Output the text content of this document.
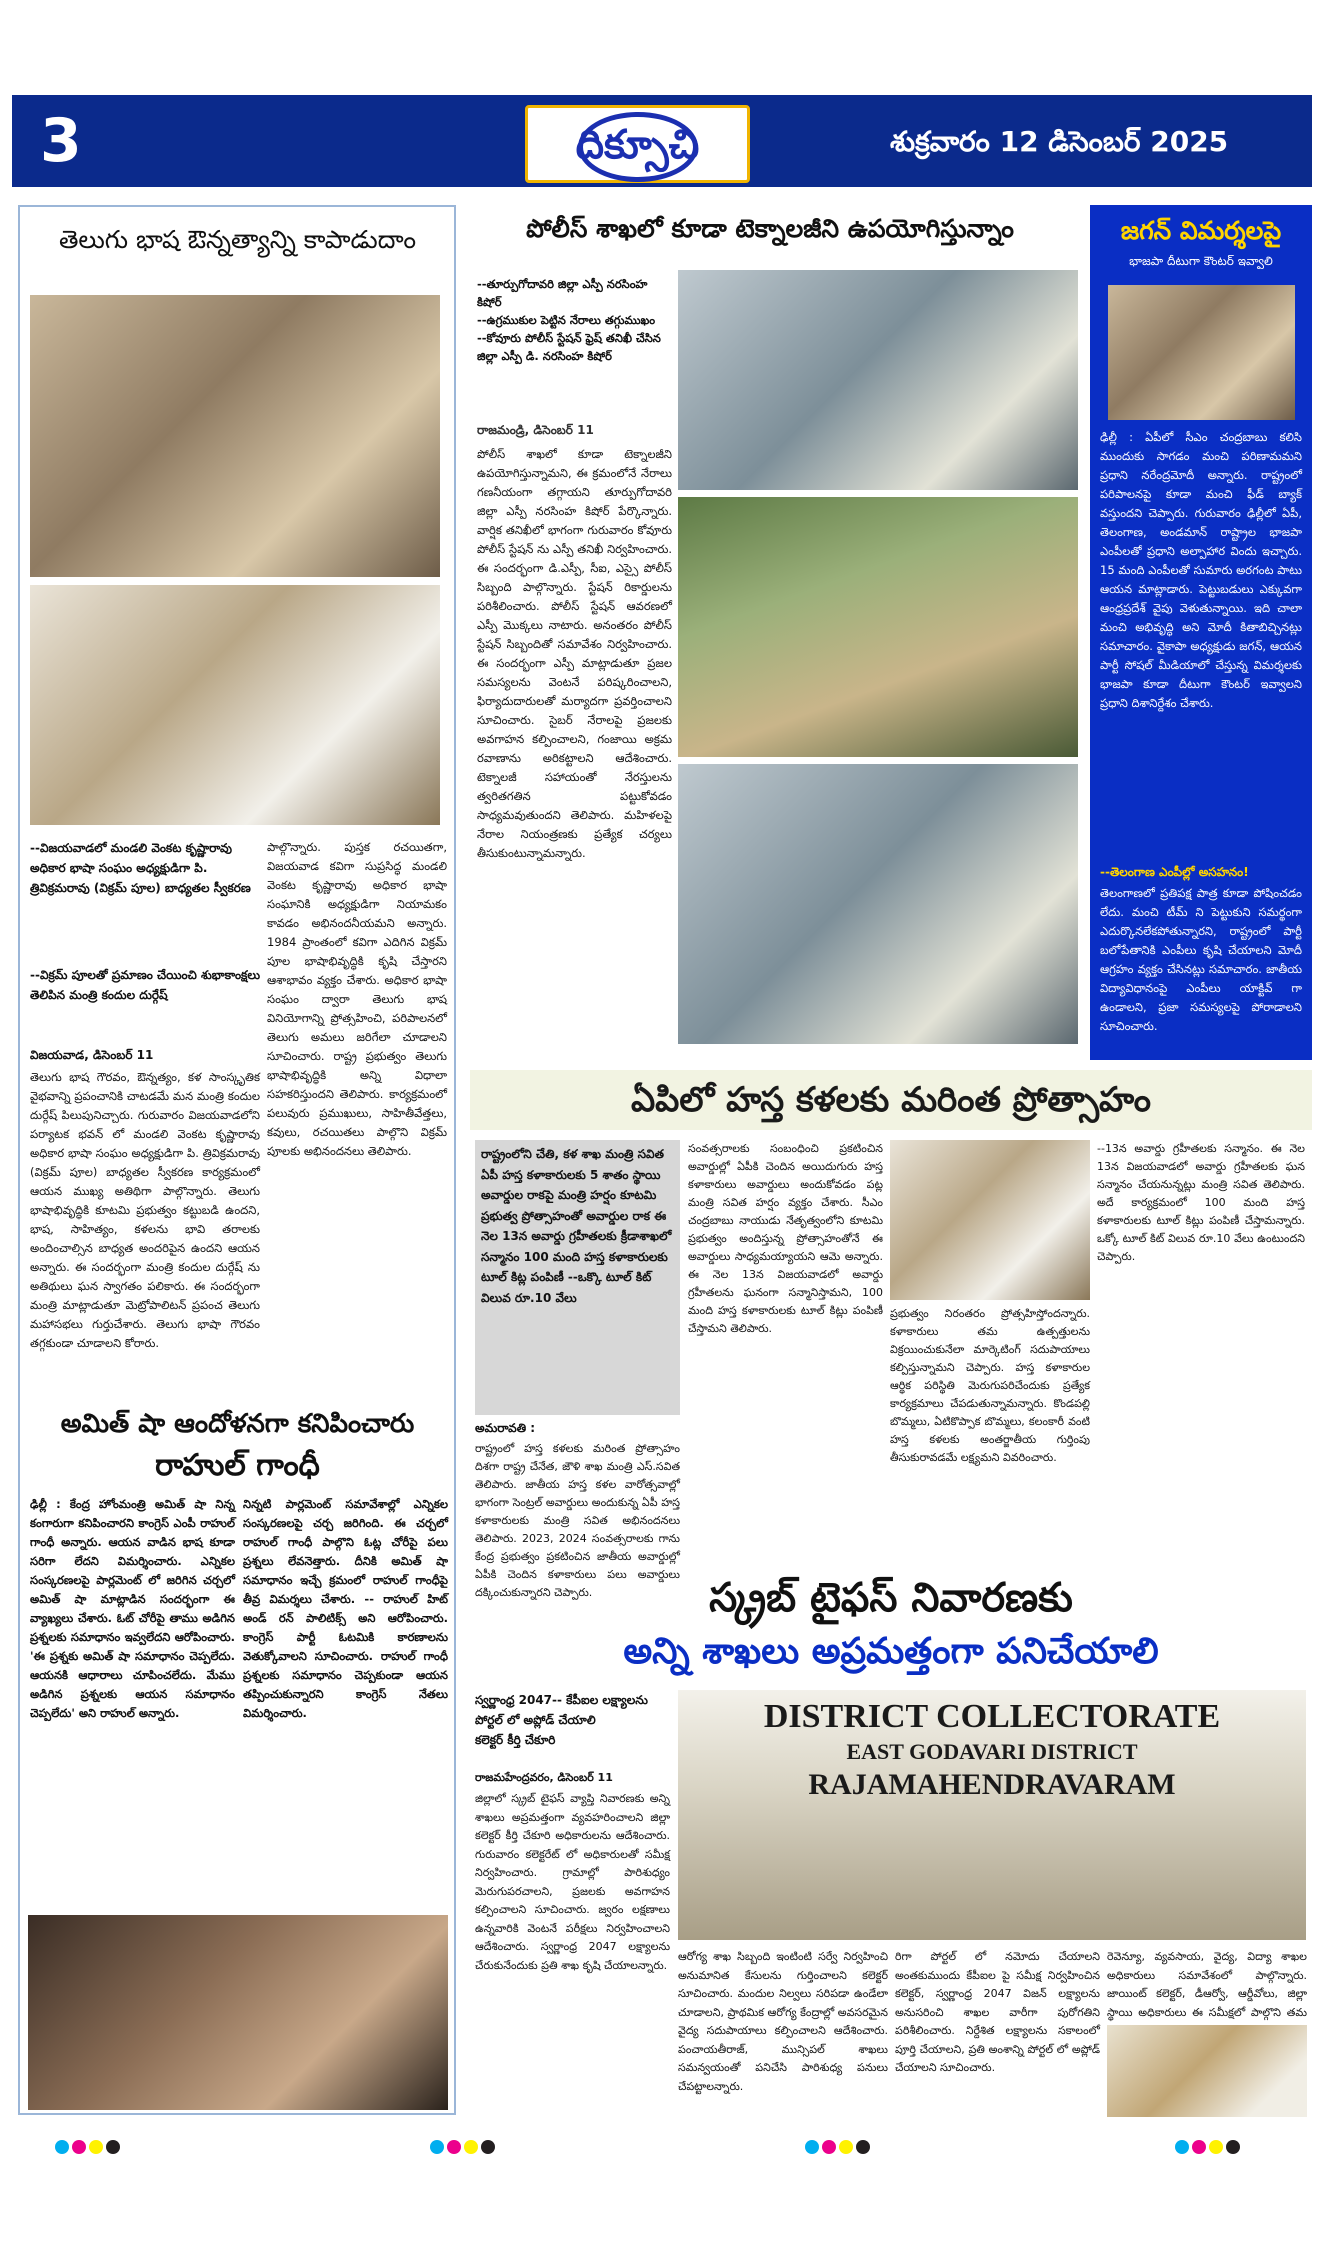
3	దిక్సూచి	శుక్రవారం 12 డిసెంబర్ 2025
తెలుగు భాష ఔన్నత్యాన్ని కాపాడుదాం
--విజయవాడలో మండలి వెంకట కృష్ణారావు అధికార భాషా సంఘం అధ్యక్షుడిగా పి. త్రివిక్రమరావు (విక్రమ్ పూల) బాధ్యతల స్వీకరణ
--విక్రమ్ పూలతో ప్రమాణం చేయించి శుభాకాంక్షలు తెలిపిన మంత్రి కందుల దుర్గేష్
విజయవాడ, డిసెంబర్ 11
తెలుగు భాష గౌరవం, ఔన్నత్యం, కళ సాంస్కృతిక వైభవాన్ని ప్రపంచానికి చాటడమే మన మంత్రి కందుల దుర్గేష్ పిలుపునిచ్చారు. గురువారం విజయవాడలోని పర్యాటక భవన్ లో మండలి వెంకట కృష్ణారావు అధికార భాషా సంఘం అధ్యక్షుడిగా పి. త్రివిక్రమరావు (విక్రమ్ పూల) బాధ్యతల స్వీకరణ కార్యక్రమంలో ఆయన ముఖ్య అతిథిగా పాల్గొన్నారు. తెలుగు భాషాభివృద్ధికి కూటమి ప్రభుత్వం కట్టుబడి ఉందని, భాష, సాహిత్యం, కళలను భావి తరాలకు అందించాల్సిన బాధ్యత అందరిపైన ఉందని ఆయన అన్నారు. ఈ సందర్భంగా మంత్రి కందుల దుర్గేష్ ను అతిథులు ఘన స్వాగతం పలికారు. ఈ సందర్భంగా మంత్రి మాట్లాడుతూ మెట్రోపాలిటన్ ప్రపంచ తెలుగు మహాసభలు గుర్తుచేశారు. తెలుగు భాషా గౌరవం తగ్గకుండా చూడాలని కోరారు.
పాల్గొన్నారు. పుస్తక రచయితగా, విజయవాడ కవిగా సుప్రసిద్ధ మండలి వెంకట కృష్ణారావు అధికార భాషా సంఘానికి అధ్యక్షుడిగా నియామకం కావడం అభినందనీయమని అన్నారు. 1984 ప్రాంతంలో కవిగా ఎదిగిన విక్రమ్ పూల భాషాభివృద్ధికి కృషి చేస్తారని ఆశాభావం వ్యక్తం చేశారు. అధికార భాషా సంఘం ద్వారా తెలుగు భాష వినియోగాన్ని ప్రోత్సహించి, పరిపాలనలో తెలుగు అమలు జరిగేలా చూడాలని సూచించారు. రాష్ట్ర ప్రభుత్వం తెలుగు భాషాభివృద్ధికి అన్ని విధాలా సహకరిస్తుందని తెలిపారు. కార్యక్రమంలో పలువురు ప్రముఖులు, సాహితీవేత్తలు, కవులు, రచయితలు పాల్గొని విక్రమ్ పూలకు అభినందనలు తెలిపారు.
అమిత్ షా ఆందోళనగా కనిపించారు
రాహుల్ గాంధీ
ఢిల్లీ : కేంద్ర హోంమంత్రి అమిత్ షా నిన్న కంగారుగా కనిపించారని కాంగ్రెస్ ఎంపీ రాహుల్ గాంధీ అన్నారు. ఆయన వాడిన భాష కూడా సరిగా లేదని విమర్శించారు. ఎన్నికల సంస్కరణలపై పార్లమెంట్ లో జరిగిన చర్చలో అమిత్ షా మాట్లాడిన సందర్భంగా ఈ వ్యాఖ్యలు చేశారు. ఓట్ చోరీపై తాము అడిగిన ప్రశ్నలకు సమాధానం ఇవ్వలేదని ఆరోపించారు. 'ఈ ప్రశ్నకు అమిత్ షా సమాధానం చెప్పలేదు. ఆయనకి ఆధారాలు చూపించలేదు. మేము అడిగిన ప్రశ్నలకు ఆయన సమాధానం చెప్పలేదు' అని రాహుల్ అన్నారు.
నిన్నటి పార్లమెంట్ సమావేశాల్లో ఎన్నికల సంస్కరణలపై చర్చ జరిగింది. ఈ చర్చలో రాహుల్ గాంధీ పాల్గొని ఓట్ల చోరీపై పలు ప్రశ్నలు లేవనెత్తారు. దీనికి అమిత్ షా సమాధానం ఇచ్చే క్రమంలో రాహుల్ గాంధీపై తీవ్ర విమర్శలు చేశారు. -- రాహుల్ హిట్ అండ్ రన్ పాలిటిక్స్ అని ఆరోపించారు. కాంగ్రెస్ పార్టీ ఓటమికి కారణాలను వెతుక్కోవాలని సూచించారు. రాహుల్ గాంధీ ప్రశ్నలకు సమాధానం చెప్పకుండా ఆయన తప్పించుకున్నారని కాంగ్రెస్ నేతలు విమర్శించారు.
పోలీస్ శాఖలో కూడా టెక్నాలజీని ఉపయోగిస్తున్నాం
--తూర్పుగోదావరి జిల్లా ఎస్పీ నరసింహ కిషోర్
--ఉగ్రముకుల పెట్టిన నేరాలు తగ్గుముఖం
--కోవూరు పోలీస్ స్టేషన్ ఫ్రెష్ తనిఖీ చేసిన జిల్లా ఎస్పీ డి. నరసింహ కిషోర్
రాజమండ్రి, డిసెంబర్ 11
పోలీస్ శాఖలో కూడా టెక్నాలజీని ఉపయోగిస్తున్నామని, ఈ క్రమంలోనే నేరాలు గణనీయంగా తగ్గాయని తూర్పుగోదావరి జిల్లా ఎస్పీ నరసింహ కిషోర్ పేర్కొన్నారు. వార్షిక తనిఖీలో భాగంగా గురువారం కోవూరు పోలీస్ స్టేషన్ ను ఎస్పీ తనిఖీ నిర్వహించారు. ఈ సందర్భంగా డి.ఎస్పీ, సీఐ, ఎస్సై పోలీస్ సిబ్బంది పాల్గొన్నారు. స్టేషన్ రికార్డులను పరిశీలించారు. పోలీస్ స్టేషన్ ఆవరణలో ఎస్పీ మొక్కలు నాటారు. అనంతరం పోలీస్ స్టేషన్ సిబ్బందితో సమావేశం నిర్వహించారు. ఈ సందర్భంగా ఎస్పీ మాట్లాడుతూ ప్రజల సమస్యలను వెంటనే పరిష్కరించాలని, ఫిర్యాదుదారులతో మర్యాదగా ప్రవర్తించాలని సూచించారు. సైబర్ నేరాలపై ప్రజలకు అవగాహన కల్పించాలని, గంజాయి అక్రమ రవాణాను అరికట్టాలని ఆదేశించారు. టెక్నాలజీ సహాయంతో నేరస్తులను త్వరితగతిన పట్టుకోవడం సాధ్యమవుతుందని తెలిపారు. మహిళలపై నేరాల నియంత్రణకు ప్రత్యేక చర్యలు తీసుకుంటున్నామన్నారు.
జగన్ విమర్శలపై
భాజపా దీటుగా కౌంటర్ ఇవ్వాలి
ఢిల్లీ : ఏపీలో సీఎం చంద్రబాబు కలిసి ముందుకు సాగడం మంచి పరిణామమని ప్రధాని నరేంద్రమోదీ అన్నారు. రాష్ట్రంలో పరిపాలనపై కూడా మంచి ఫీడ్ బ్యాక్ వస్తుందని చెప్పారు. గురువారం ఢిల్లీలో ఏపీ, తెలంగాణ, అండమాన్ రాష్ట్రాల భాజపా ఎంపీలతో ప్రధాని అల్పాహార విందు ఇచ్చారు. 15 మంది ఎంపీలతో సుమారు అరగంట పాటు ఆయన మాట్లాడారు. పెట్టుబడులు ఎక్కువగా ఆంధ్రప్రదేశ్ వైపు వెళుతున్నాయి. ఇది చాలా మంచి అభివృద్ధి అని మోదీ కితాబిచ్చినట్లు సమాచారం. వైకాపా అధ్యక్షుడు జగన్, ఆయన పార్టీ సోషల్ మీడియాలో చేస్తున్న విమర్శలకు భాజపా కూడా దీటుగా కౌంటర్ ఇవ్వాలని ప్రధాని దిశానిర్దేశం చేశారు.
--తెలంగాణ ఎంపీల్లో అసహనం!
తెలంగాణలో ప్రతిపక్ష పాత్ర కూడా పోషించడం లేదు. మంచి టీమ్ ని పెట్టుకుని సమర్థంగా ఎదుర్కొనలేకపోతున్నారని, రాష్ట్రంలో పార్టీ బలోపేతానికి ఎంపీలు కృషి చేయాలని మోదీ ఆగ్రహం వ్యక్తం చేసినట్లు సమాచారం. జాతీయ విద్యావిధానంపై ఎంపీలు యాక్టివ్ గా ఉండాలని, ప్రజా సమస్యలపై పోరాడాలని సూచించారు.
ఏపిలో హస్త కళలకు మరింత ప్రోత్సాహం
రాష్ట్రంలోని చేతి, కళ శాఖ మంత్రి సవిత ఏపీ హస్త కళాకారులకు 5 శాతం స్థాయి అవార్డుల రాకపై మంత్రి హర్షం కూటమి ప్రభుత్వ ప్రోత్సాహంతో అవార్డుల రాక ఈ నెల 13న అవార్డు గ్రహీతలకు క్రీడాశాఖలో సన్మానం 100 మంది హస్త కళాకారులకు టూల్ కిట్ల పంపిణీ --ఒక్కొ టూల్ కిట్ విలువ రూ.10 వేలు
అమరావతి :
రాష్ట్రంలో హస్త కళలకు మరింత ప్రోత్సాహం దిశగా రాష్ట్ర చేనేత, జౌళి శాఖ మంత్రి ఎస్.సవిత తెలిపారు. జాతీయ హస్త కళల వారోత్సవాల్లో భాగంగా సెంట్రల్ అవార్డులు అందుకున్న ఏపీ హస్త కళాకారులకు మంత్రి సవిత అభినందనలు తెలిపారు. 2023, 2024 సంవత్సరాలకు గాను కేంద్ర ప్రభుత్వం ప్రకటించిన జాతీయ అవార్డుల్లో ఏపీకి చెందిన కళాకారులు పలు అవార్డులు దక్కించుకున్నారని చెప్పారు.
సంవత్సరాలకు సంబంధించి ప్రకటించిన అవార్డుల్లో ఏపీకి చెందిన అయిదుగురు హస్త కళాకారులు అవార్డులు అందుకోవడం పట్ల మంత్రి సవిత హర్షం వ్యక్తం చేశారు. సీఎం చంద్రబాబు నాయుడు నేతృత్వంలోని కూటమి ప్రభుత్వం అందిస్తున్న ప్రోత్సాహంతోనే ఈ అవార్డులు సాధ్యమయ్యాయని ఆమె అన్నారు. ఈ నెల 13న విజయవాడలో అవార్డు గ్రహీతలను ఘనంగా సన్మానిస్తామని, 100 మంది హస్త కళాకారులకు టూల్ కిట్లు పంపిణీ చేస్తామని తెలిపారు.
ప్రభుత్వం నిరంతరం ప్రోత్సహిస్తోందన్నారు. కళాకారులు తమ ఉత్పత్తులను విక్రయించుకునేలా మార్కెటింగ్ సదుపాయాలు కల్పిస్తున్నామని చెప్పారు. హస్త కళాకారుల ఆర్థిక పరిస్థితి మెరుగుపరిచేందుకు ప్రత్యేక కార్యక్రమాలు చేపడుతున్నామన్నారు. కొండపల్లి బొమ్మలు, ఏటికొప్పాక బొమ్మలు, కలంకారీ వంటి హస్త కళలకు అంతర్జాతీయ గుర్తింపు తీసుకురావడమే లక్ష్యమని వివరించారు.
--13న అవార్డు గ్రహీతలకు సన్మానం. ఈ నెల 13న విజయవాడలో అవార్డు గ్రహీతలకు ఘన సన్మానం చేయనున్నట్లు మంత్రి సవిత తెలిపారు. అదే కార్యక్రమంలో 100 మంది హస్త కళాకారులకు టూల్ కిట్లు పంపిణీ చేస్తామన్నారు. ఒక్కో టూల్ కిట్ విలువ రూ.10 వేలు ఉంటుందని చెప్పారు.
స్క్రబ్ టైఫస్ నివారణకు
అన్ని శాఖలు అప్రమత్తంగా పనిచేయాలి
స్వర్ణాంధ్ర 2047-- కేపీఐల లక్ష్యాలను పోర్టల్ లో అప్లోడ్ చేయాలి
కలెక్టర్ కీర్తి చేకూరి
రాజమహేంద్రవరం, డిసెంబర్ 11
జిల్లాలో స్క్రబ్ టైఫస్ వ్యాప్తి నివారణకు అన్ని శాఖలు అప్రమత్తంగా వ్యవహరించాలని జిల్లా కలెక్టర్ కీర్తి చేకూరి అధికారులను ఆదేశించారు. గురువారం కలెక్టరేట్ లో అధికారులతో సమీక్ష నిర్వహించారు. గ్రామాల్లో పారిశుధ్యం మెరుగుపరచాలని, ప్రజలకు అవగాహన కల్పించాలని సూచించారు. జ్వరం లక్షణాలు ఉన్నవారికి వెంటనే పరీక్షలు నిర్వహించాలని ఆదేశించారు. స్వర్ణాంధ్ర 2047 లక్ష్యాలను చేరుకునేందుకు ప్రతి శాఖ కృషి చేయాలన్నారు.
DISTRICT COLLECTORATE
EAST GODAVARI DISTRICT
RAJAMAHENDRAVARAM
ఆరోగ్య శాఖ సిబ్బంది ఇంటింటి సర్వే నిర్వహించి అనుమానిత కేసులను గుర్తించాలని కలెక్టర్ సూచించారు. మందుల నిల్వలు సరిపడా ఉండేలా చూడాలని, ప్రాథమిక ఆరోగ్య కేంద్రాల్లో అవసరమైన వైద్య సదుపాయాలు కల్పించాలని ఆదేశించారు. పంచాయతీరాజ్, మున్సిపల్ శాఖలు సమన్వయంతో పనిచేసి పారిశుధ్య పనులు చేపట్టాలన్నారు.
రిగా పోర్టల్ లో నమోదు చేయాలని అంతకుముందు కేపీఐల పై సమీక్ష నిర్వహించిన కలెక్టర్, స్వర్ణాంధ్ర 2047 విజన్ లక్ష్యాలను అనుసరించి శాఖల వారీగా పురోగతిని పరిశీలించారు. నిర్దేశిత లక్ష్యాలను సకాలంలో పూర్తి చేయాలని, ప్రతి అంశాన్ని పోర్టల్ లో అప్లోడ్ చేయాలని సూచించారు.
రెవెన్యూ, వ్యవసాయ, వైద్య, విద్యా శాఖల అధికారులు సమావేశంలో పాల్గొన్నారు. జాయింట్ కలెక్టర్, డీఆర్వో, ఆర్డీవోలు, జిల్లా స్థాయి అధికారులు ఈ సమీక్షలో పాల్గొని తమ
